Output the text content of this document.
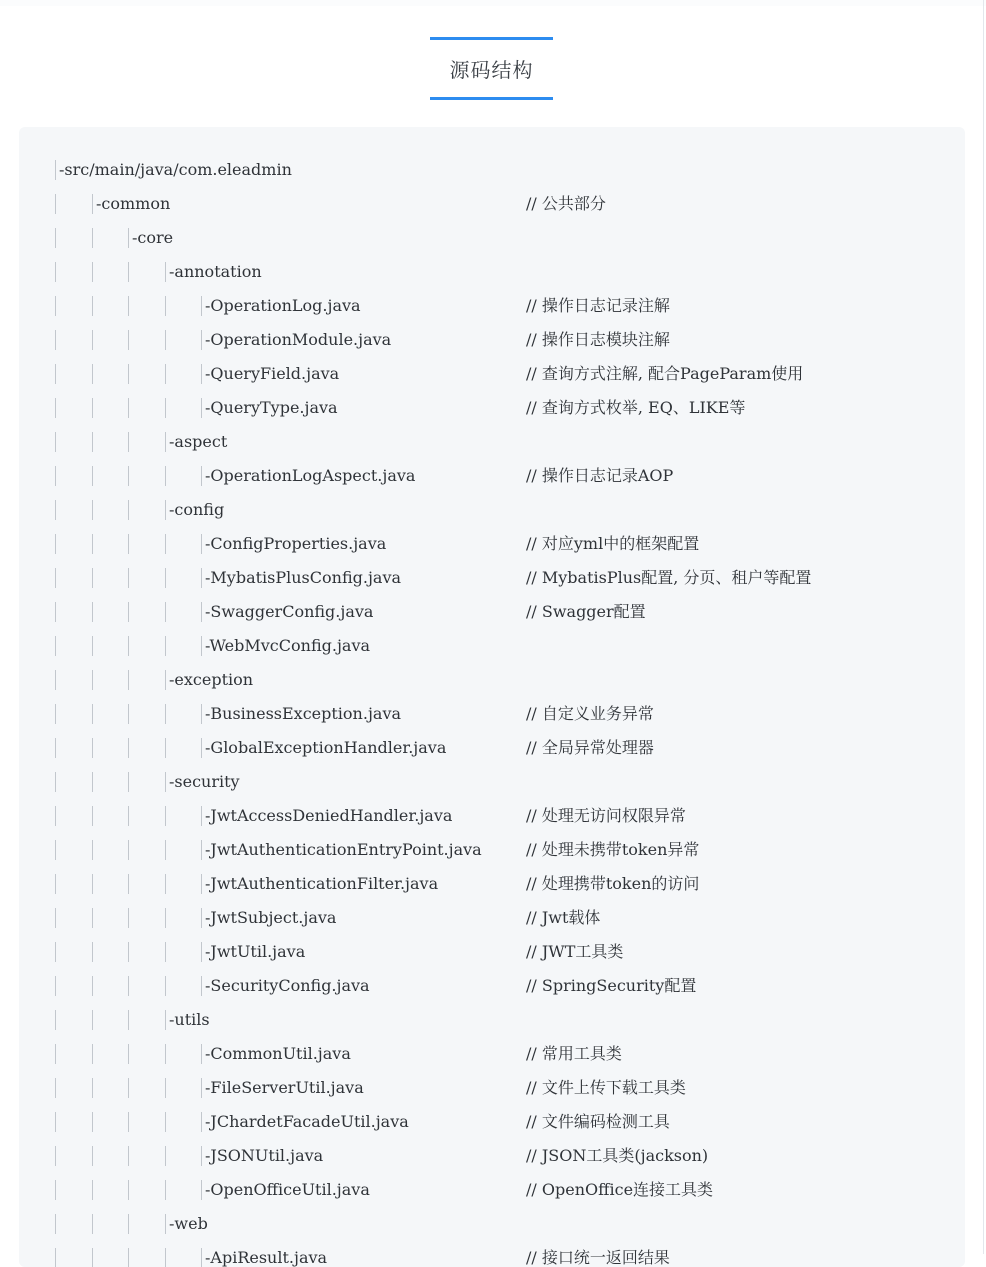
源码结构
-src/main/java/com.eleadmin
-common	// 公共部分
-core
-annotation
-OperationLog.java	// 操作日志记录注解
-OperationModule.java	// 操作日志模块注解
-QueryField.java	// 查询方式注解, 配合PageParam使用
-QueryType.java	// 查询方式枚举, EQ、LIKE等
-aspect
-OperationLogAspect.java	// 操作日志记录AOP
-config
-ConfigProperties.java	// 对应yml中的框架配置
-MybatisPlusConfig.java	// MybatisPlus配置, 分页、租户等配置
-SwaggerConfig.java	// Swagger配置
-WebMvcConfig.java
-exception
-BusinessException.java	// 自定义业务异常
-GlobalExceptionHandler.java	// 全局异常处理器
-security
-JwtAccessDeniedHandler.java	// 处理无访问权限异常
-JwtAuthenticationEntryPoint.java	// 处理未携带token异常
-JwtAuthenticationFilter.java	// 处理携带token的访问
-JwtSubject.java	// Jwt载体
-JwtUtil.java	// JWT工具类
-SecurityConfig.java	// SpringSecurity配置
-utils
-CommonUtil.java	// 常用工具类
-FileServerUtil.java	// 文件上传下载工具类
-JChardetFacadeUtil.java	// 文件编码检测工具
-JSONUtil.java	// JSON工具类(jackson)
-OpenOfficeUtil.java	// OpenOffice连接工具类
-web
-ApiResult.java	// 接口统一返回结果
